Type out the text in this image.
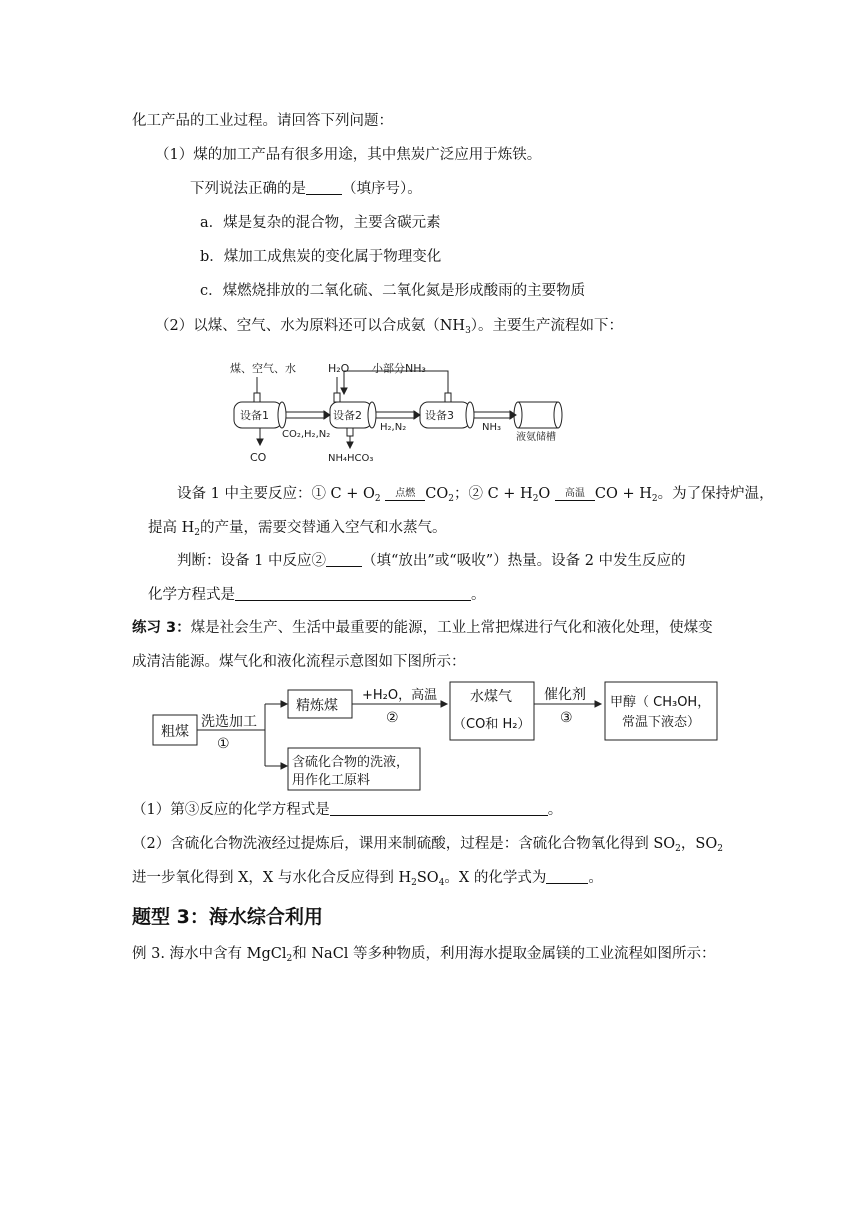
化工产品的工业过程。请回答下列问题：
（1）煤的加工产品有很多用途，其中焦炭广泛应用于炼铁。
下列说法正确的是 （填序号）。
a．煤是复杂的混合物，主要含碳元素
b．煤加工成焦炭的变化属于物理变化
c．煤燃烧排放的二氧化硫、二氧化氮是形成酸雨的主要物质
（2）以煤、空气、水为原料还可以合成氨$(NH_3)$。主要生产流程如下：
煤、空气、水	H₂O 小部分NH₃
设备1	设备2	设备3
CO₂,H₂,N₂
H₂,N₂	NH₃
CO	NH₄HCO₃
液氨储槽
设备 1 中主要反应：① $C + O_2$	点燃 $CO_2$；② $C + H_2O$	高温 CO + $H_2$。为了保持炉温，
提高 $H_2$的产量，需要交替通入空气和水蒸气。
判断：设备 1 中反应② （填“放出”或“吸收”）热量。设备 2 中发生反应的
化学方程式是	。
练习 3：煤是社会生产、生活中最重要的能源，工业上常把煤进行气化和液化处理，使煤变
成清洁能源。煤气化和液化流程示意图如下图所示：
粗煤
洗选加工
①
精炼煤
+H₂O，高温
②
水煤气
（CO和 H₂）
催化剂
③
甲醇（ CH₃OH，
常温下液态）
含硫化合物的洗液，
用作化工原料
（1）第③反应的化学方程式是	。
（2）含硫化合物洗液经过提炼后，课用来制硫酸，过程是：含硫化合物氧化得到 $SO_2$，$SO_2$
进一步氧化得到 X，X 与水化合反应得到 $H_2SO_4$。X 的化学式为	。
题型 3：海水综合利用
例 3. 海水中含有 MgCl$_2$和 NaCl 等多种物质，利用海水提取金属镁的工业流程如图所示：
